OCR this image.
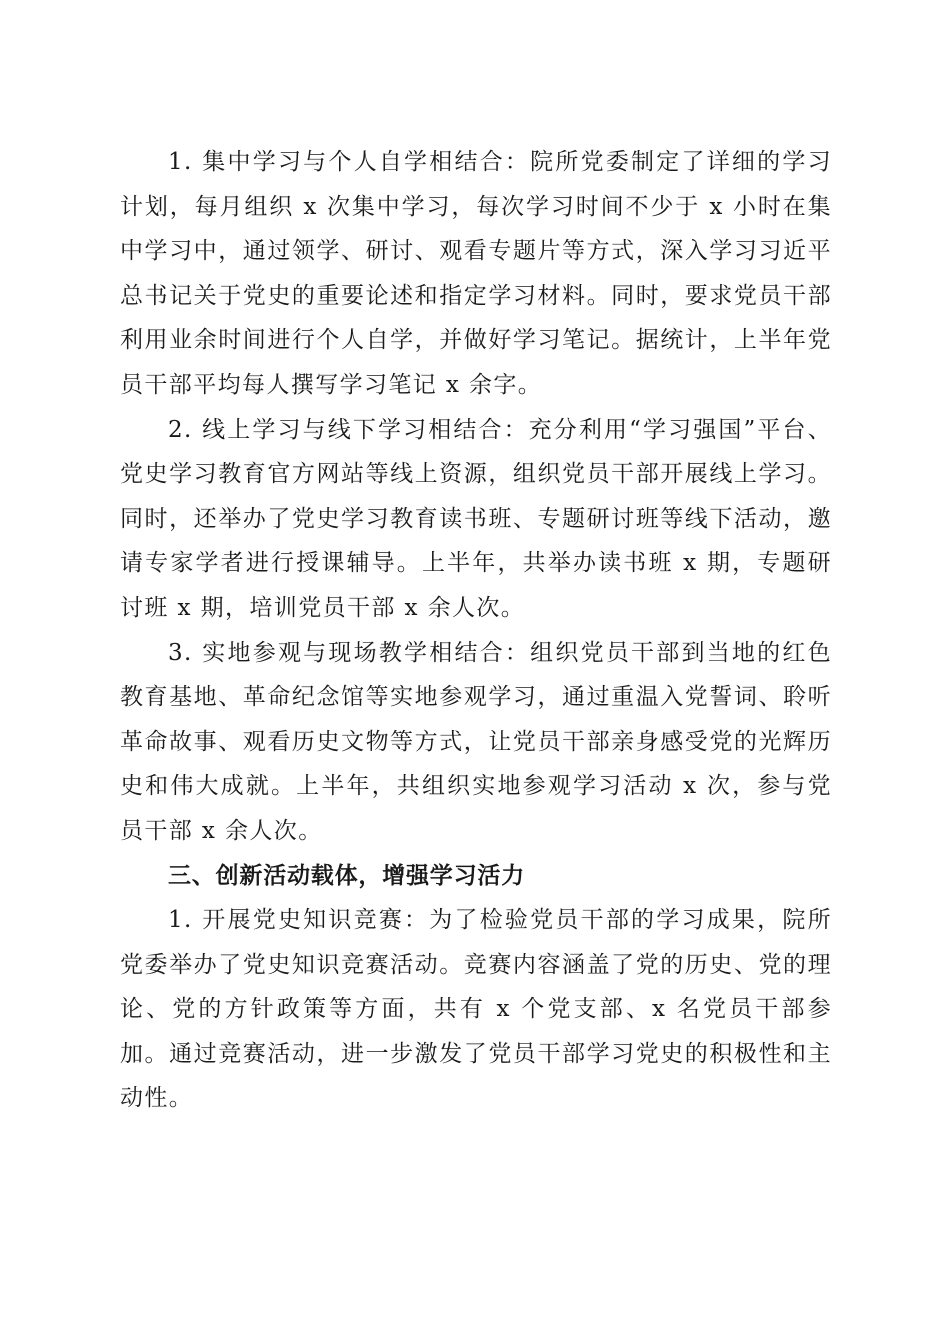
1. 集中学习与个人自学相结合：院所党委制定了详细的学习计划，每月组织 x 次集中学习，每次学习时间不少于 x 小时在集中学习中，通过领学、研讨、观看专题片等方式，深入学习习近平总书记关于党史的重要论述和指定学习材料。同时，要求党员干部利用业余时间进行个人自学，并做好学习笔记。据统计，上半年党员干部平均每人撰写学习笔记 x 余字。

2. 线上学习与线下学习相结合：充分利用“学习强国”平台、党史学习教育官方网站等线上资源，组织党员干部开展线上学习。同时，还举办了党史学习教育读书班、专题研讨班等线下活动，邀请专家学者进行授课辅导。上半年，共举办读书班 x 期，专题研讨班 x 期，培训党员干部 x 余人次。

3. 实地参观与现场教学相结合：组织党员干部到当地的红色教育基地、革命纪念馆等实地参观学习，通过重温入党誓词、聆听革命故事、观看历史文物等方式，让党员干部亲身感受党的光辉历史和伟大成就。上半年，共组织实地参观学习活动 x 次，参与党员干部 x 余人次。

三、创新活动载体，增强学习活力

1. 开展党史知识竞赛：为了检验党员干部的学习成果，院所党委举办了党史知识竞赛活动。竞赛内容涵盖了党的历史、党的理论、党的方针政策等方面，共有 x 个党支部、x 名党员干部参加。通过竞赛活动，进一步激发了党员干部学习党史的积极性和主动性。
